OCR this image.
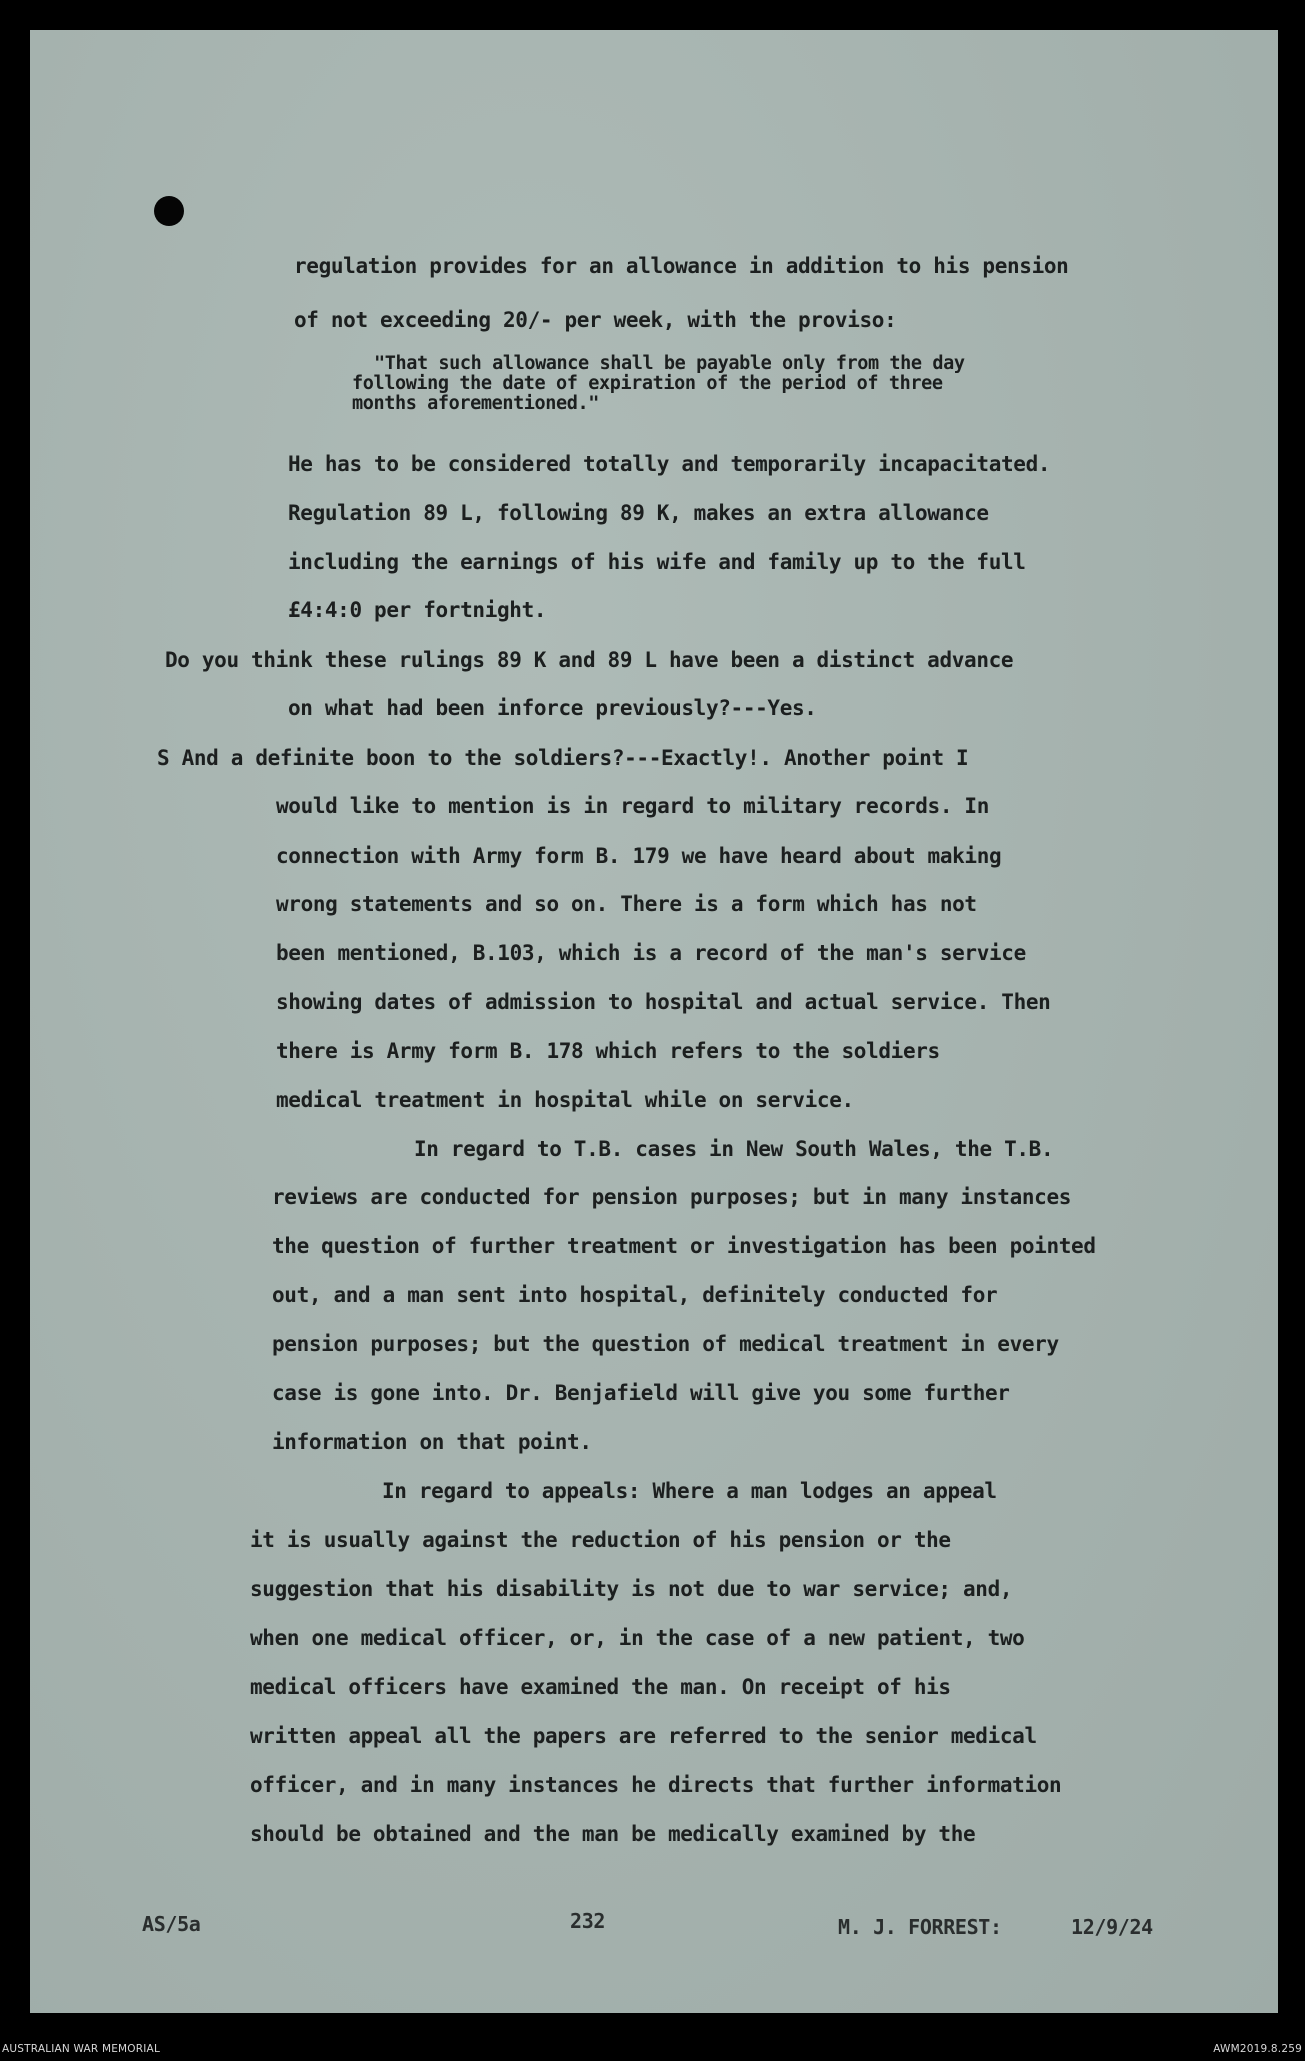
regulation provides for an allowance in addition to his pension
of not exceeding 20/- per week, with the proviso:
"That such allowance shall be payable only from the day
following the date of expiration of the period of three
months aforementioned."
He has to be considered totally and temporarily incapacitated.
Regulation 89 L, following 89 K, makes an extra allowance
including the earnings of his wife and family up to the full
£4:4:0 per fortnight.
Do you think these rulings 89 K and 89 L have been a distinct advance
on what had been inforce previously?---Yes.
S And a definite boon to the soldiers?---Exactly!. Another point I
would like to mention is in regard to military records. In
connection with Army form B. 179 we have heard about making
wrong statements and so on. There is a form which has not
been mentioned, B.103, which is a record of the man's service
showing dates of admission to hospital and actual service. Then
there is Army form B. 178 which refers to the soldiers
medical treatment in hospital while on service.
In regard to T.B. cases in New South Wales, the T.B.
reviews are conducted for pension purposes; but in many instances
the question of further treatment or investigation has been pointed
out, and a man sent into hospital, definitely conducted for
pension purposes; but the question of medical treatment in every
case is gone into. Dr. Benjafield will give you some further
information on that point.
In regard to appeals: Where a man lodges an appeal
it is usually against the reduction of his pension or the
suggestion that his disability is not due to war service; and,
when one medical officer, or, in the case of a new patient, two
medical officers have examined the man. On receipt of his
written appeal all the papers are referred to the senior medical
officer, and in many instances he directs that further information
should be obtained and the man be medically examined by the
AS/5a	232	M. J. FORREST:	12/9/24
AUSTRALIAN WAR MEMORIAL	AWM2019.8.259
